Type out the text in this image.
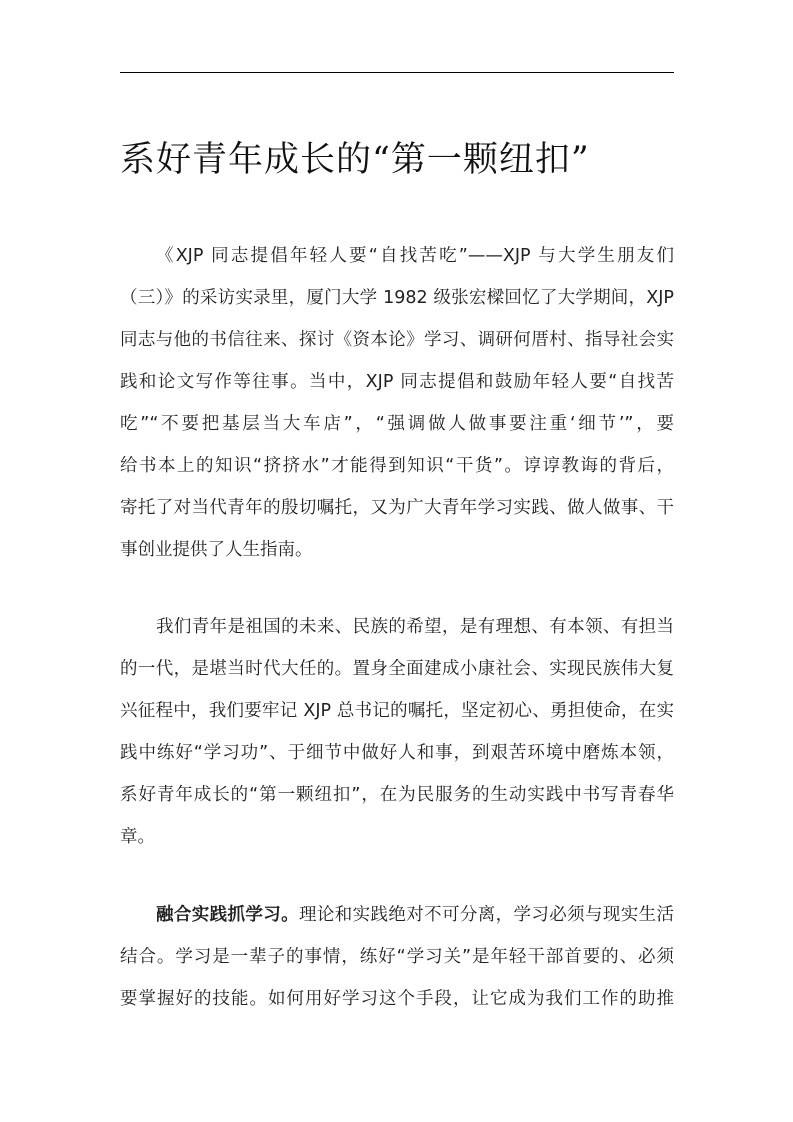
系好青年成长的“第一颗纽扣”
《XJP 同志提倡年轻人要“自找苦吃”——XJP 与大学生朋友们
（三）》的采访实录里，厦门大学 1982 级张宏樑回忆了大学期间，XJP
同志与他的书信往来、探讨《资本论》学习、调研何厝村、指导社会实
践和论文写作等往事。当中，XJP 同志提倡和鼓励年轻人要“自找苦
吃”“不要把基层当大车店”，“强调做人做事要注重‘细节’”，要
给书本上的知识“挤挤水”才能得到知识“干货”。谆谆教诲的背后，
寄托了对当代青年的殷切嘱托，又为广大青年学习实践、做人做事、干
事创业提供了人生指南。
我们青年是祖国的未来、民族的希望，是有理想、有本领、有担当
的一代，是堪当时代大任的。置身全面建成小康社会、实现民族伟大复
兴征程中，我们要牢记 XJP 总书记的嘱托，坚定初心、勇担使命，在实
践中练好“学习功”、于细节中做好人和事，到艰苦环境中磨炼本领，
系好青年成长的“第一颗纽扣”，在为民服务的生动实践中书写青春华
章。
融合实践抓学习。理论和实践绝对不可分离，学习必须与现实生活
结合。学习是一辈子的事情，练好“学习关”是年轻干部首要的、必须
要掌握好的技能。如何用好学习这个手段，让它成为我们工作的助推
